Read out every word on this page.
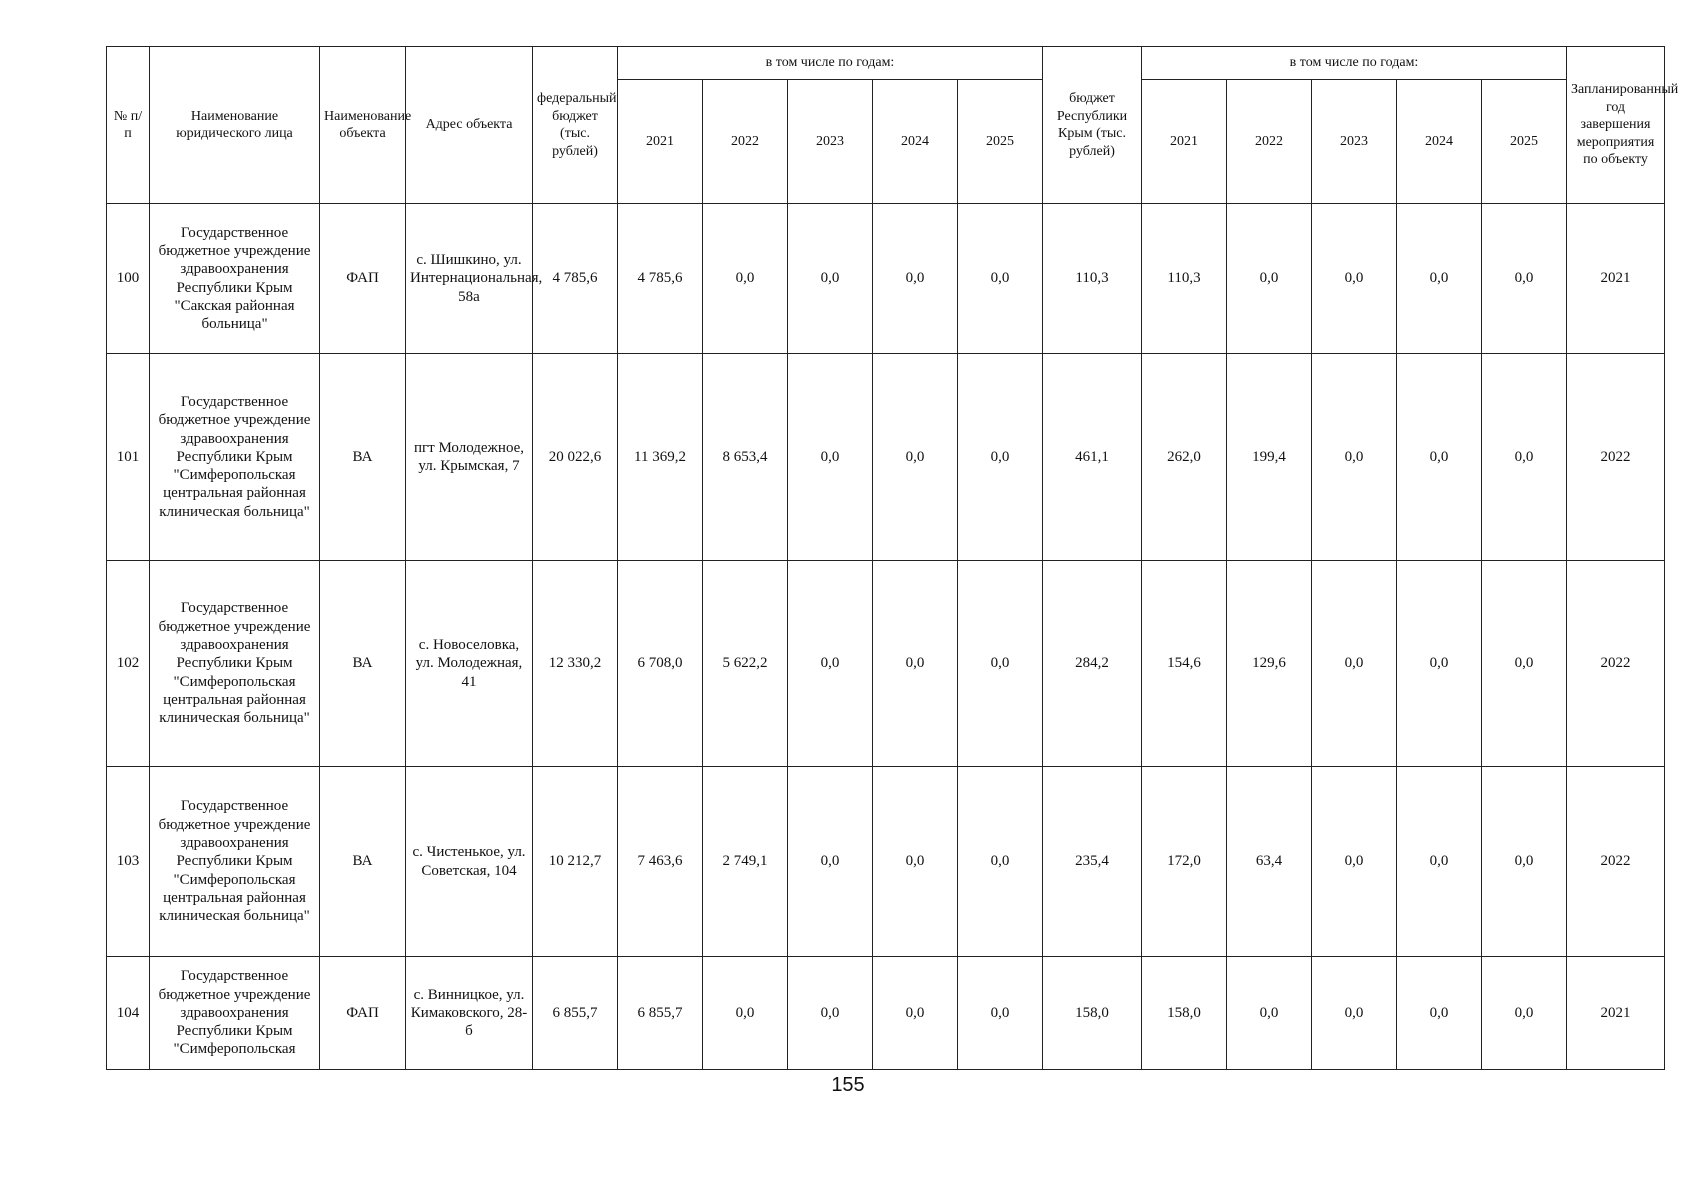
№ п/п	Наименование юридического лица	Наименование объекта	Адрес объекта	федеральный бюджет (тыс. рублей)	в том числе по годам:					бюджет Республики Крым (тыс. рублей)	в том числе по годам:					Запланированный год завершения мероприятия по объекту
					2021	2022	2023	2024	2025		2021	2022	2023	2024	2025	
100	Государственное бюджетное учреждение здравоохранения Республики Крым "Сакская районная больница"	ФАП	с. Шишкино, ул. Интернациональная, 58а	4 785,6	4 785,6	0,0	0,0	0,0	0,0	110,3	110,3	0,0	0,0	0,0	0,0	2021
101	Государственное бюджетное учреждение здравоохранения Республики Крым "Симферопольская центральная районная клиническая больница"	ВА	пгт Молодежное, ул. Крымская, 7	20 022,6	11 369,2	8 653,4	0,0	0,0	0,0	461,1	262,0	199,4	0,0	0,0	0,0	2022
102	Государственное бюджетное учреждение здравоохранения Республики Крым "Симферопольская центральная районная клиническая больница"	ВА	с. Новоселовка, ул. Молодежная, 41	12 330,2	6 708,0	5 622,2	0,0	0,0	0,0	284,2	154,6	129,6	0,0	0,0	0,0	2022
103	Государственное бюджетное учреждение здравоохранения Республики Крым "Симферопольская центральная районная клиническая больница"	ВА	с. Чистенькое, ул. Советская, 104	10 212,7	7 463,6	2 749,1	0,0	0,0	0,0	235,4	172,0	63,4	0,0	0,0	0,0	2022
104	Государственное бюджетное учреждение здравоохранения Республики Крым "Симферопольская	ФАП	с. Винницкое, ул. Кимаковского, 28-б	6 855,7	6 855,7	0,0	0,0	0,0	0,0	158,0	158,0	0,0	0,0	0,0	0,0	2021
155
